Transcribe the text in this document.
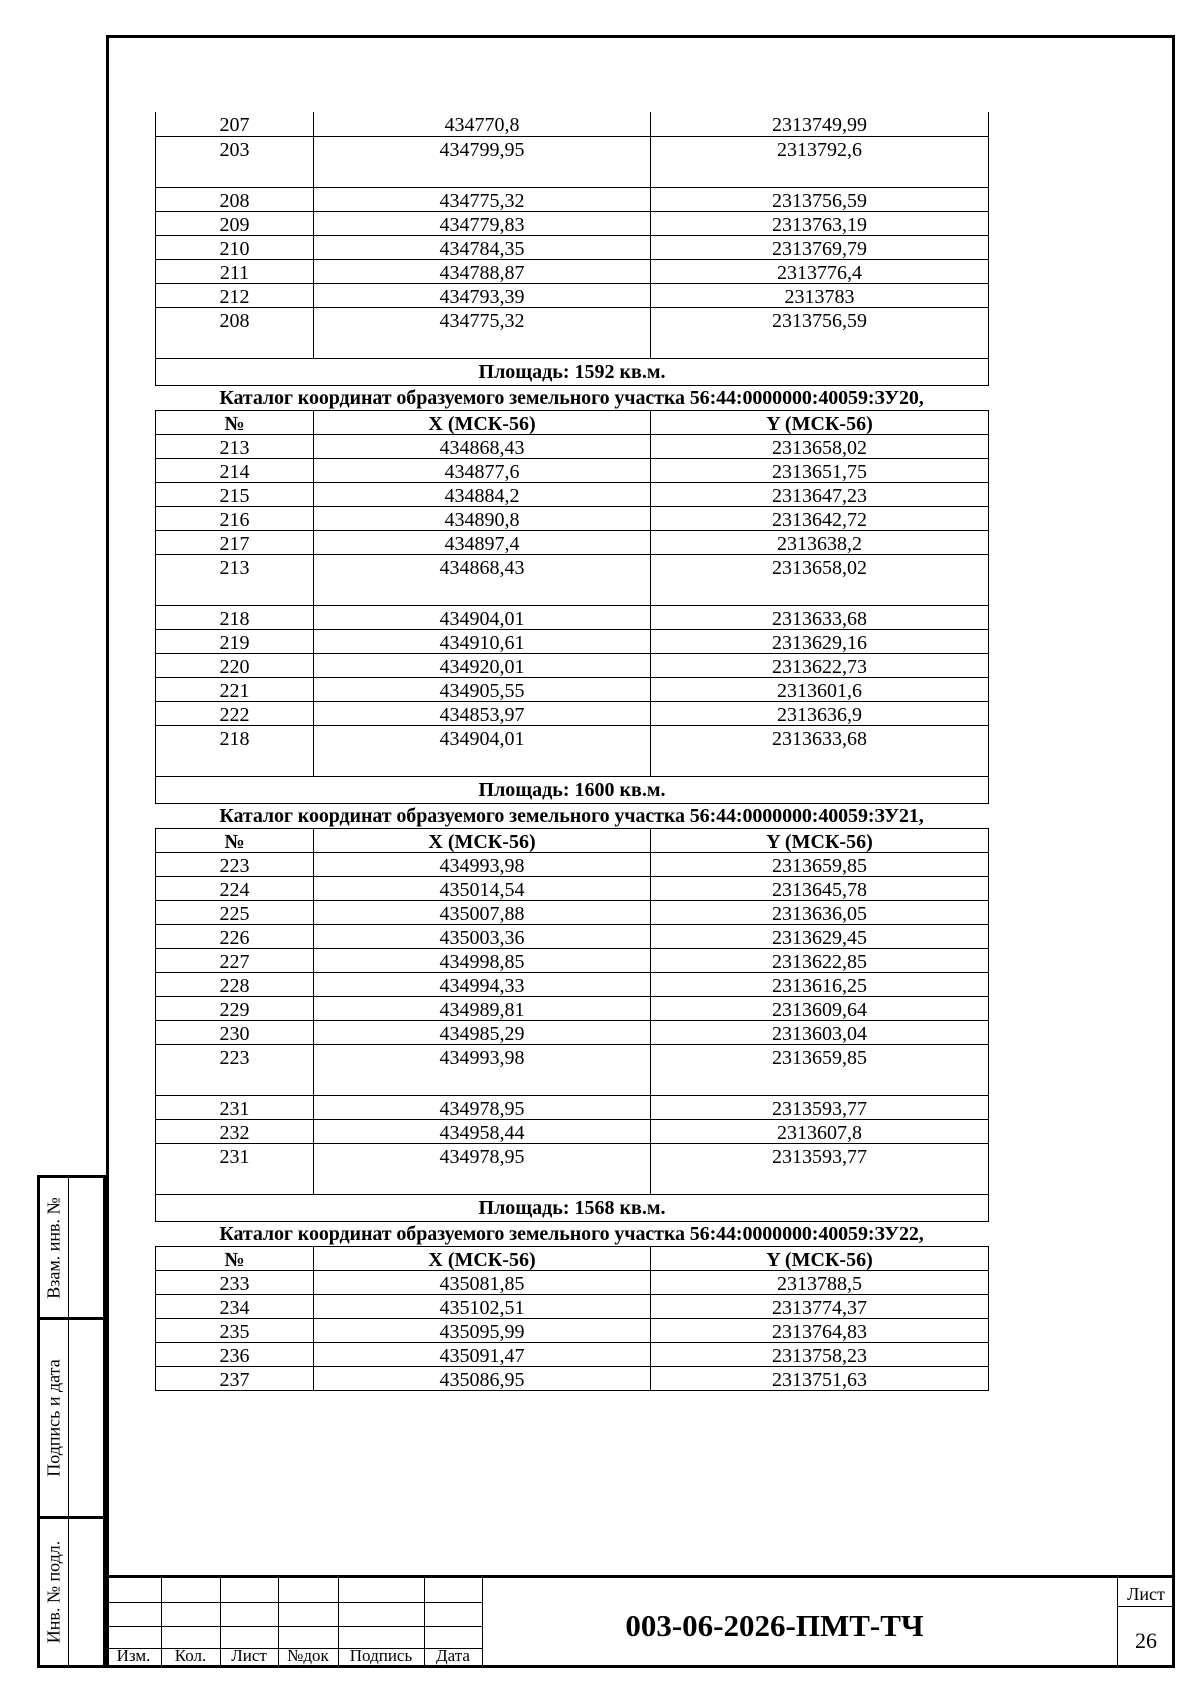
207	434770,8	2313749,99
203	434799,95	2313792,6
208	434775,32	2313756,59
209	434779,83	2313763,19
210	434784,35	2313769,79
211	434788,87	2313776,4
212	434793,39	2313783
208	434775,32	2313756,59
Площадь: 1592 кв.м.		
Каталог координат образуемого земельного участка 56:44:0000000:40059:ЗУ20,
№	X (МСК-56)	Y (МСК-56)
213	434868,43	2313658,02
214	434877,6	2313651,75
215	434884,2	2313647,23
216	434890,8	2313642,72
217	434897,4	2313638,2
213	434868,43	2313658,02
218	434904,01	2313633,68
219	434910,61	2313629,16
220	434920,01	2313622,73
221	434905,55	2313601,6
222	434853,97	2313636,9
218	434904,01	2313633,68
Площадь: 1600 кв.м.		
Каталог координат образуемого земельного участка 56:44:0000000:40059:ЗУ21,
№	X (МСК-56)	Y (МСК-56)
223	434993,98	2313659,85
224	435014,54	2313645,78
225	435007,88	2313636,05
226	435003,36	2313629,45
227	434998,85	2313622,85
228	434994,33	2313616,25
229	434989,81	2313609,64
230	434985,29	2313603,04
223	434993,98	2313659,85
231	434978,95	2313593,77
232	434958,44	2313607,8
231	434978,95	2313593,77
Площадь: 1568 кв.м.		
Каталог координат образуемого земельного участка 56:44:0000000:40059:ЗУ22,
№	X (МСК-56)	Y (МСК-56)
233	435081,85	2313788,5
234	435102,51	2313774,37
235	435095,99	2313764,83
236	435091,47	2313758,23
237	435086,95	2313751,63
Взам. инв. №
Подпись и дата
Инв. № подл.
Изм.	Кол.	Лист	№док	Подпись	Дата
003-06-2026-ПМТ-ТЧ
Лист
26
